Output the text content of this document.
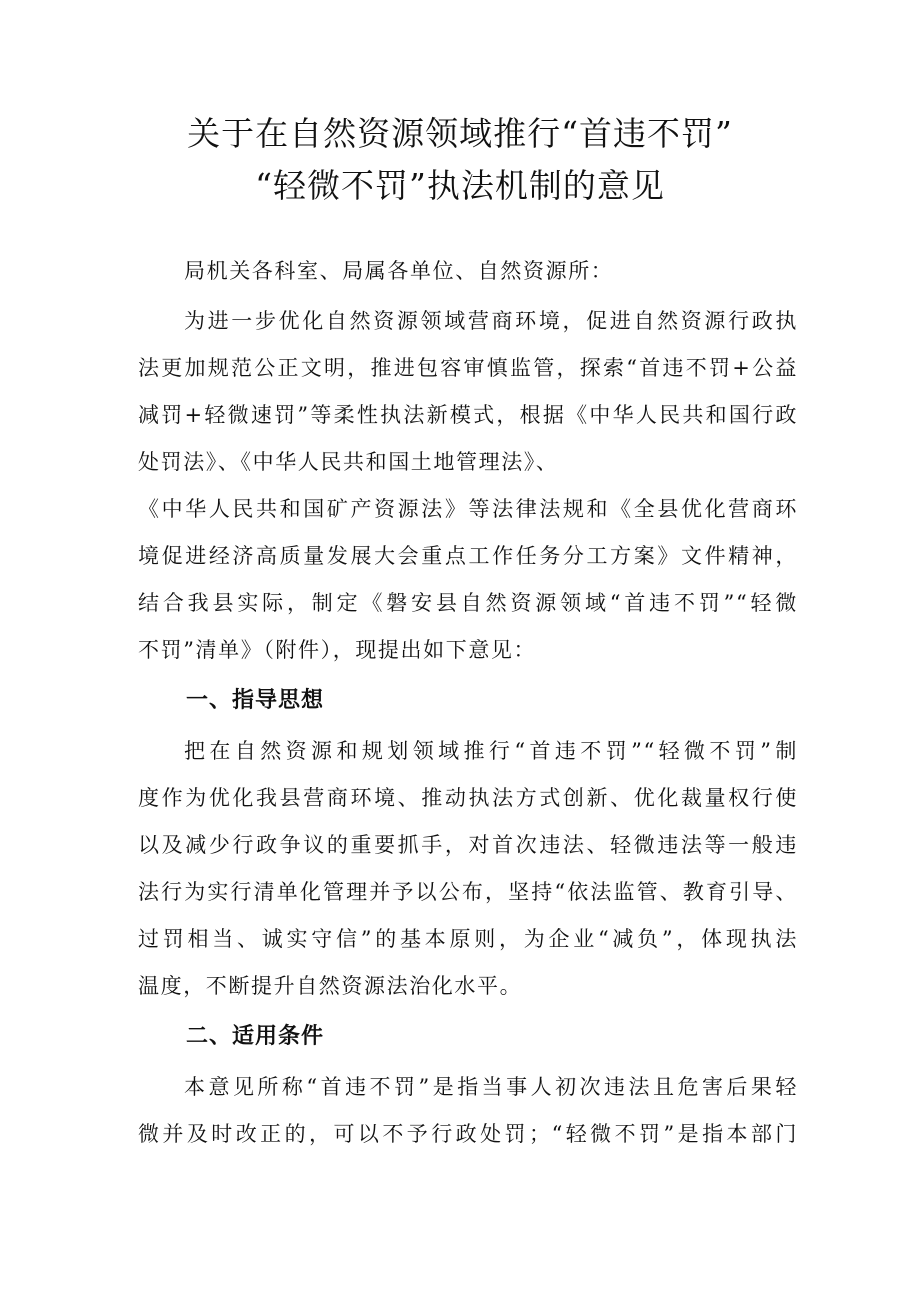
关于在自然资源领域推行“首违不罚”
“轻微不罚”执法机制的意见
局机关各科室、局属各单位、自然资源所：
为进一步优化自然资源领域营商环境，促进自然资源行政执
法更加规范公正文明，推进包容审慎监管，探索“首违不罚+公益
减罚+轻微速罚”等柔性执法新模式，根据《中华人民共和国行政
处罚法》、《中华人民共和国土地管理法》、
《中华人民共和国矿产资源法》等法律法规和《全县优化营商环
境促进经济高质量发展大会重点工作任务分工方案》文件精神，
结合我县实际，制定《磐安县自然资源领域“首违不罚”“轻微
不罚”清单》（附件），现提出如下意见：
一、指导思想
把在自然资源和规划领域推行“首违不罚”“轻微不罚”制
度作为优化我县营商环境、推动执法方式创新、优化裁量权行使
以及减少行政争议的重要抓手，对首次违法、轻微违法等一般违
法行为实行清单化管理并予以公布，坚持“依法监管、教育引导、
过罚相当、诚实守信”的基本原则，为企业“减负”，体现执法
温度，不断提升自然资源法治化水平。
二、适用条件
本意见所称“首违不罚”是指当事人初次违法且危害后果轻
微并及时改正的，可以不予行政处罚；“轻微不罚”是指本部门
